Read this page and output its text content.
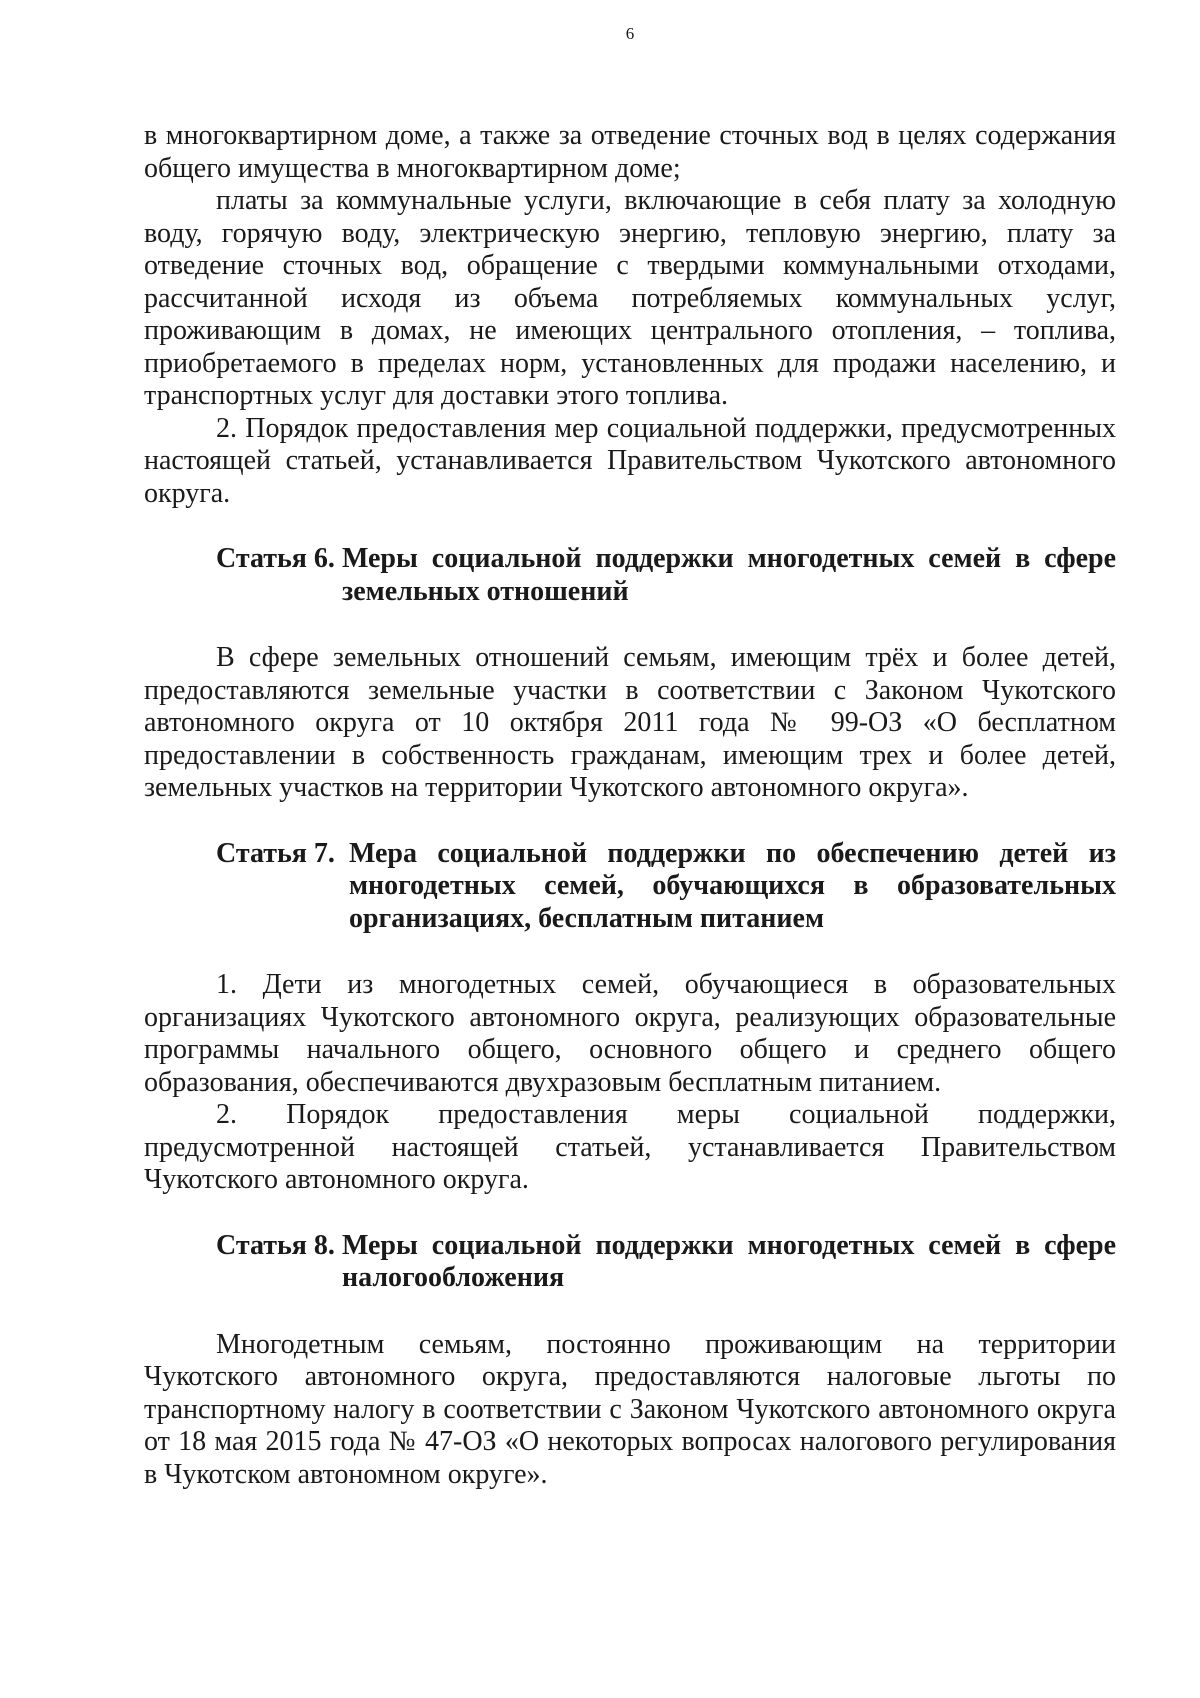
6

в многоквартирном доме, а также за отведение сточных вод в целях содержания общего имущества в многоквартирном доме;

платы за коммунальные услуги, включающие в себя плату за холодную воду, горячую воду, электрическую энергию, тепловую энергию, плату за отведение сточных вод, обращение с твердыми коммунальными отходами, рассчитанной исходя из объема потребляемых коммунальных услуг, проживающим в домах, не имеющих центрального отопления, – топлива, приобретаемого в пределах норм, установленных для продажи населению, и транспортных услуг для доставки этого топлива.

2. Порядок предоставления мер социальной поддержки, предусмотренных настоящей статьей, устанавливается Правительством Чукотского автономного округа.

Статья 6.
Меры социальной поддержки многодетных семей в сфере земельных отношений

В сфере земельных отношений семьям, имеющим трёх и более детей, предоставляются земельные участки в соответствии с Законом Чукотского автономного округа от 10 октября 2011 года № 99-ОЗ «О бесплатном предоставлении в собственность гражданам, имеющим трех и более детей, земельных участков на территории Чукотского автономного округа».

Статья 7.
Мера социальной поддержки по обеспечению детей из многодетных семей, обучающихся в образовательных организациях, бесплатным питанием

1. Дети из многодетных семей, обучающиеся в образовательных организациях Чукотского автономного округа, реализующих образовательные программы начального общего, основного общего и среднего общего образования, обеспечиваются двухразовым бесплатным питанием.

2. Порядок предоставления меры социальной поддержки, предусмотренной настоящей статьей, устанавливается Правительством Чукотского автономного округа.

Статья 8.
Меры социальной поддержки многодетных семей в сфере налогообложения

Многодетным семьям, постоянно проживающим на территории Чукотского автономного округа, предоставляются налоговые льготы по транспортному налогу в соответствии с Законом Чукотского автономного округа от 18 мая 2015 года № 47-ОЗ «О некоторых вопросах налогового регулирования в Чукотском автономном округе».
